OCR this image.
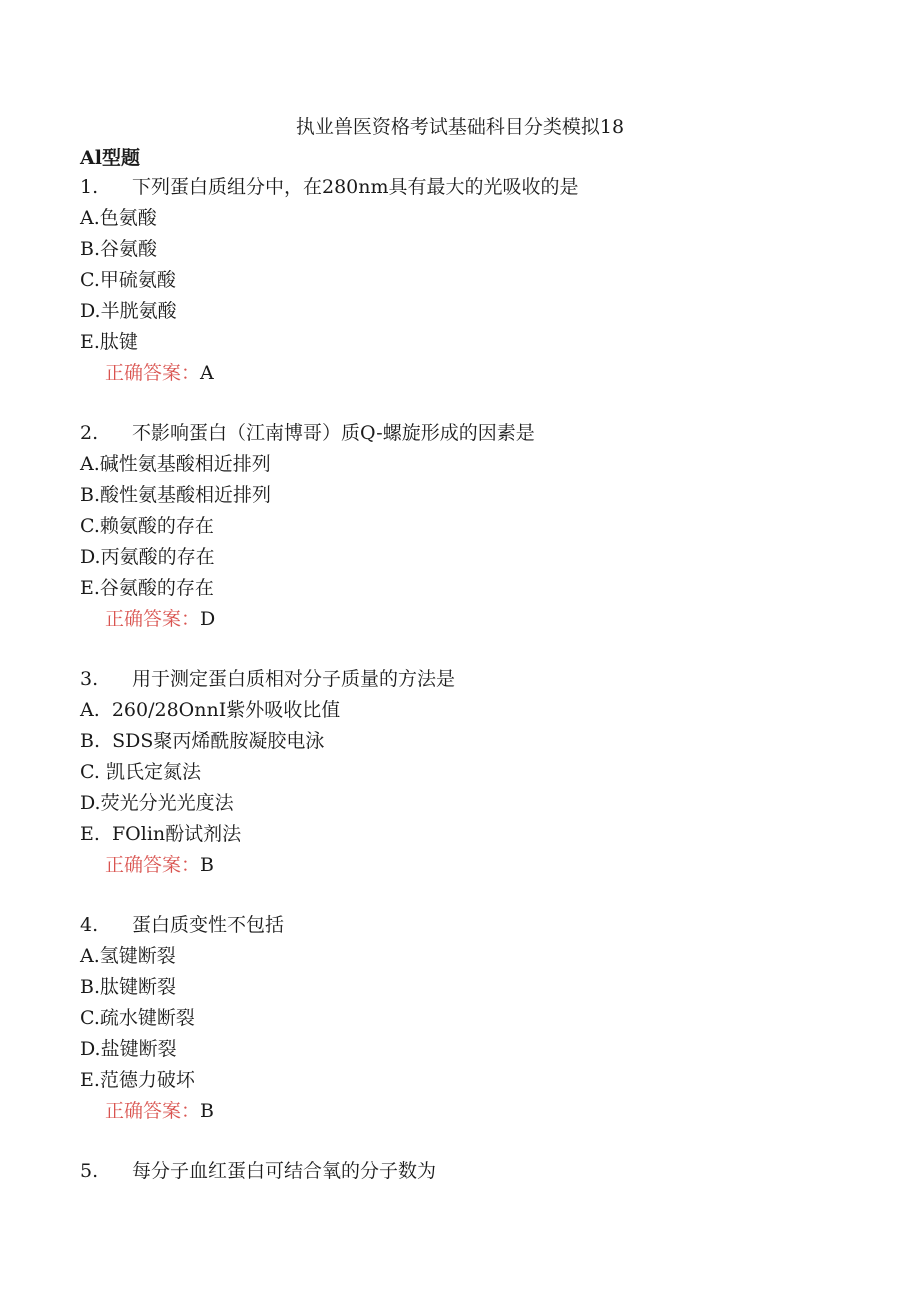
执业兽医资格考试基础科目分类模拟18
Al型题
1. 下列蛋白质组分中，在280nm具有最大的光吸收的是
A.色氨酸
B.谷氨酸
C.甲硫氨酸
D.半胱氨酸
E.肽键
正确答案：A
2. 不影响蛋白（江南博哥）质Q-螺旋形成的因素是
A.碱性氨基酸相近排列
B.酸性氨基酸相近排列
C.赖氨酸的存在
D.丙氨酸的存在
E.谷氨酸的存在
正确答案：D
3. 用于测定蛋白质相对分子质量的方法是
A.  260/28OnnI紫外吸收比值
B.  SDS聚丙烯酰胺凝胶电泳
C. 凯氏定氮法
D.荧光分光光度法
E.  FOlin酚试剂法
正确答案：B
4. 蛋白质变性不包括
A.氢键断裂
B.肽键断裂
C.疏水键断裂
D.盐键断裂
E.范德力破坏
正确答案：B
5. 每分子血红蛋白可结合氧的分子数为
